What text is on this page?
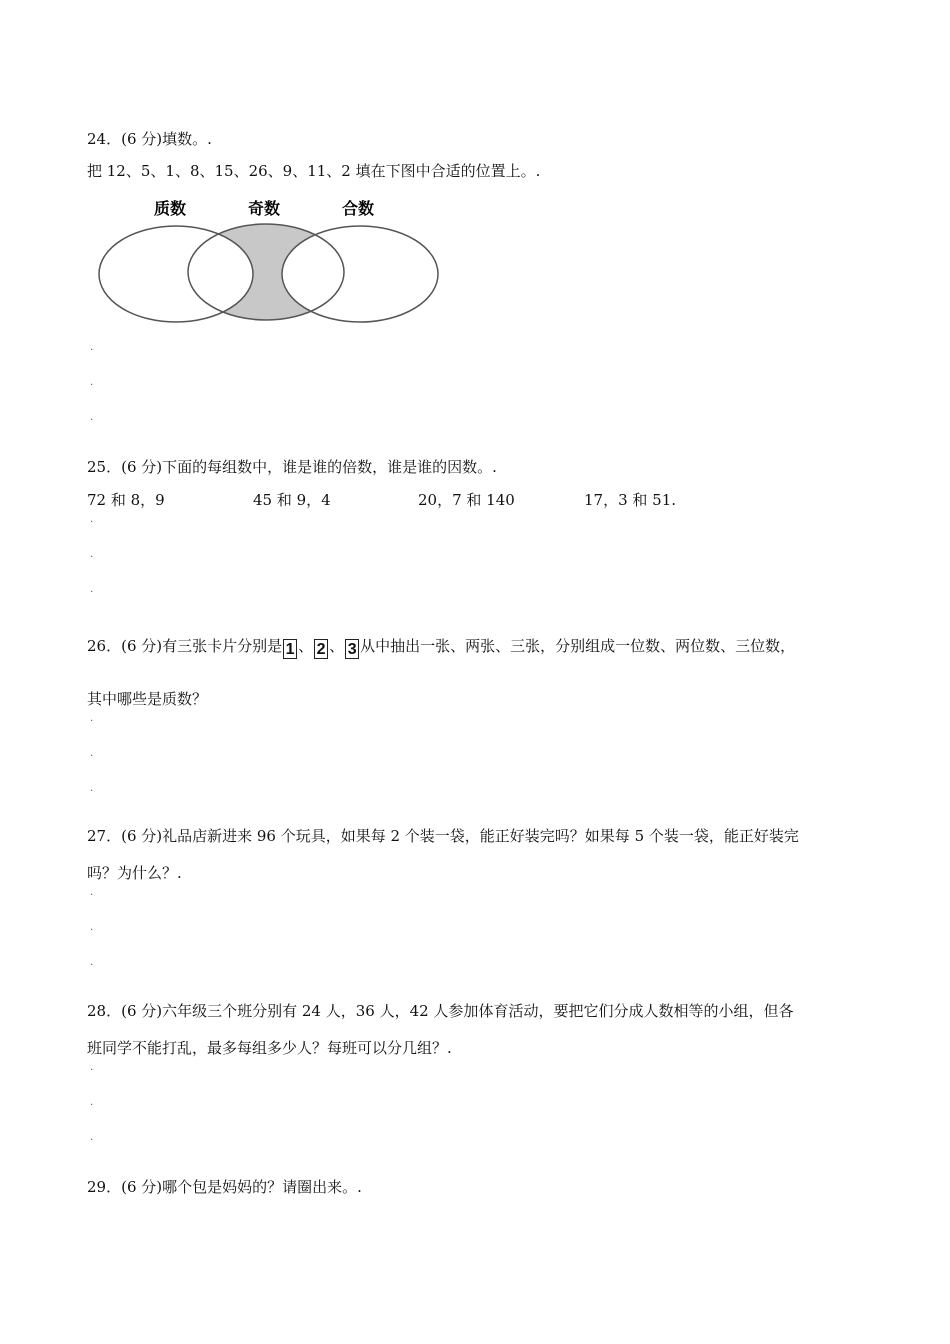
24．(6 分)填数。.
把 12、5、1、8、15、26、9、11、2 填在下图中合适的位置上。.
质数	奇数	合数
.
.
.
25．(6 分)下面的每组数中，谁是谁的倍数，谁是谁的因数。.
72 和 8，9	45 和 9，4	20，7 和 140	17，3 和 51.
.
.
.
26．(6 分)有三张卡片分别是 1 、 2 、 3 从中抽出一张、两张、三张，分别组成一位数、两位数、三位数，
其中哪些是质数？
.
.
.
27．(6 分)礼品店新进来 96 个玩具，如果每 2 个装一袋，能正好装完吗？如果每 5 个装一袋，能正好装完
吗？为什么？.
.
.
.
28．(6 分)六年级三个班分别有 24 人，36 人，42 人参加体育活动，要把它们分成人数相等的小组，但各
班同学不能打乱，最多每组多少人？每班可以分几组？.
.
.
.
29．(6 分)哪个包是妈妈的？请圈出来。.
